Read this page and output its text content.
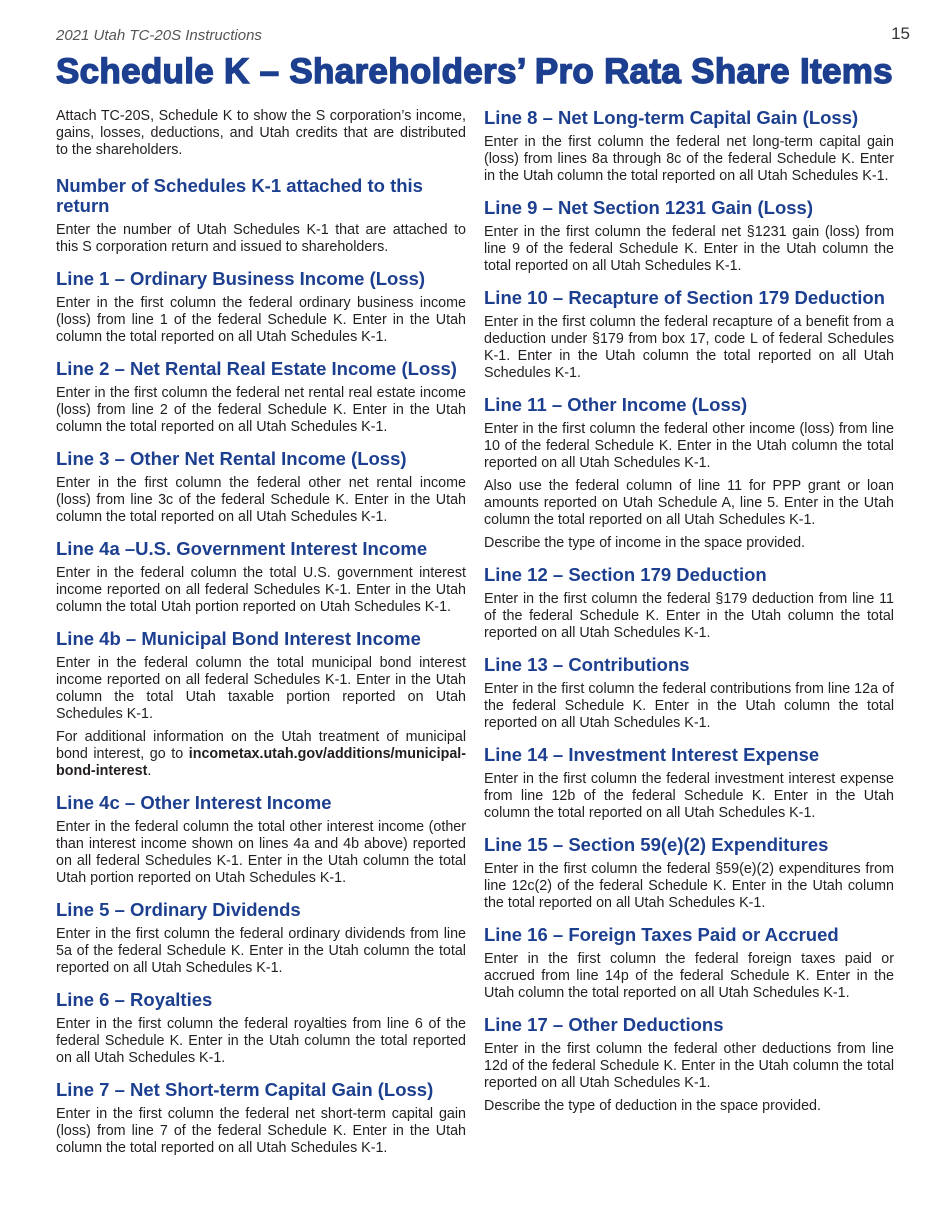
2021 Utah TC-20S Instructions	15
Schedule K – Shareholders’ Pro Rata Share Items

Attach TC-20S, Schedule K to show the S corporation’s income, gains, losses, deductions, and Utah credits that are distributed to the shareholders.

Number of Schedules K-1 attached to this return

Enter the number of Utah Schedules K-1 that are attached to this S corporation return and issued to shareholders.

Line 1 – Ordinary Business Income (Loss)

Enter in the first column the federal ordinary business income (loss) from line 1 of the federal Schedule K. Enter in the Utah column the total reported on all Utah Schedules K-1.

Line 2 – Net Rental Real Estate Income (Loss)

Enter in the first column the federal net rental real estate income (loss) from line 2 of the federal Schedule K. Enter in the Utah column the total reported on all Utah Schedules K-1.

Line 3 – Other Net Rental Income (Loss)

Enter in the first column the federal other net rental income (loss) from line 3c of the federal Schedule K. Enter in the Utah column the total reported on all Utah Schedules K-1.

Line 4a –U.S. Government Interest Income

Enter in the federal column the total U.S. government interest income reported on all federal Schedules K-1. Enter in the Utah column the total Utah portion reported on Utah Schedules K-1.

Line 4b – Municipal Bond Interest Income

Enter in the federal column the total municipal bond interest income reported on all federal Schedules K-1. Enter in the Utah column the total Utah taxable portion reported on Utah Schedules K-1.

For additional information on the Utah treatment of municipal bond interest, go to incometax.utah.gov/additions/municipal-bond-interest.

Line 4c – Other Interest Income

Enter in the federal column the total other interest income (other than interest income shown on lines 4a and 4b above) reported on all federal Schedules K-1. Enter in the Utah column the total Utah portion reported on Utah Schedules K-1.

Line 5 – Ordinary Dividends

Enter in the first column the federal ordinary dividends from line 5a of the federal Schedule K. Enter in the Utah column the total reported on all Utah Schedules K-1.

Line 6 – Royalties

Enter in the first column the federal royalties from line 6 of the federal Schedule K. Enter in the Utah column the total reported on all Utah Schedules K-1.

Line 7 – Net Short-term Capital Gain (Loss)

Enter in the first column the federal net short-term capital gain (loss) from line 7 of the federal Schedule K. Enter in the Utah column the total reported on all Utah Schedules K-1.

Line 8 – Net Long-term Capital Gain (Loss)

Enter in the first column the federal net long-term capital gain (loss) from lines 8a through 8c of the federal Schedule K. Enter in the Utah column the total reported on all Utah Schedules K-1.

Line 9 – Net Section 1231 Gain (Loss)

Enter in the first column the federal net §1231 gain (loss) from line 9 of the federal Schedule K. Enter in the Utah column the total reported on all Utah Schedules K-1.

Line 10 – Recapture of Section 179 Deduction

Enter in the first column the federal recapture of a benefit from a deduction under §179 from box 17, code L of federal Schedules K-1. Enter in the Utah column the total reported on all Utah Schedules K-1.

Line 11 – Other Income (Loss)

Enter in the first column the federal other income (loss) from line 10 of the federal Schedule K. Enter in the Utah column the total reported on all Utah Schedules K-1.

Also use the federal column of line 11 for PPP grant or loan amounts reported on Utah Schedule A, line 5. Enter in the Utah column the total reported on all Utah Schedules K-1.

Describe the type of income in the space provided.

Line 12 – Section 179 Deduction

Enter in the first column the federal §179 deduction from line 11 of the federal Schedule K. Enter in the Utah column the total reported on all Utah Schedules K-1.

Line 13 – Contributions

Enter in the first column the federal contributions from line 12a of the federal Schedule K. Enter in the Utah column the total reported on all Utah Schedules K-1.

Line 14 – Investment Interest Expense

Enter in the first column the federal investment interest expense from line 12b of the federal Schedule K. Enter in the Utah column the total reported on all Utah Schedules K-1.

Line 15 – Section 59(e)(2) Expenditures

Enter in the first column the federal §59(e)(2) expenditures from line 12c(2) of the federal Schedule K. Enter in the Utah column the total reported on all Utah Schedules K-1.

Line 16 – Foreign Taxes Paid or Accrued

Enter in the first column the federal foreign taxes paid or accrued from line 14p of the federal Schedule K. Enter in the Utah column the total reported on all Utah Schedules K-1.

Line 17 – Other Deductions

Enter in the first column the federal other deductions from line 12d of the federal Schedule K. Enter in the Utah column the total reported on all Utah Schedules K-1.

Describe the type of deduction in the space provided.
